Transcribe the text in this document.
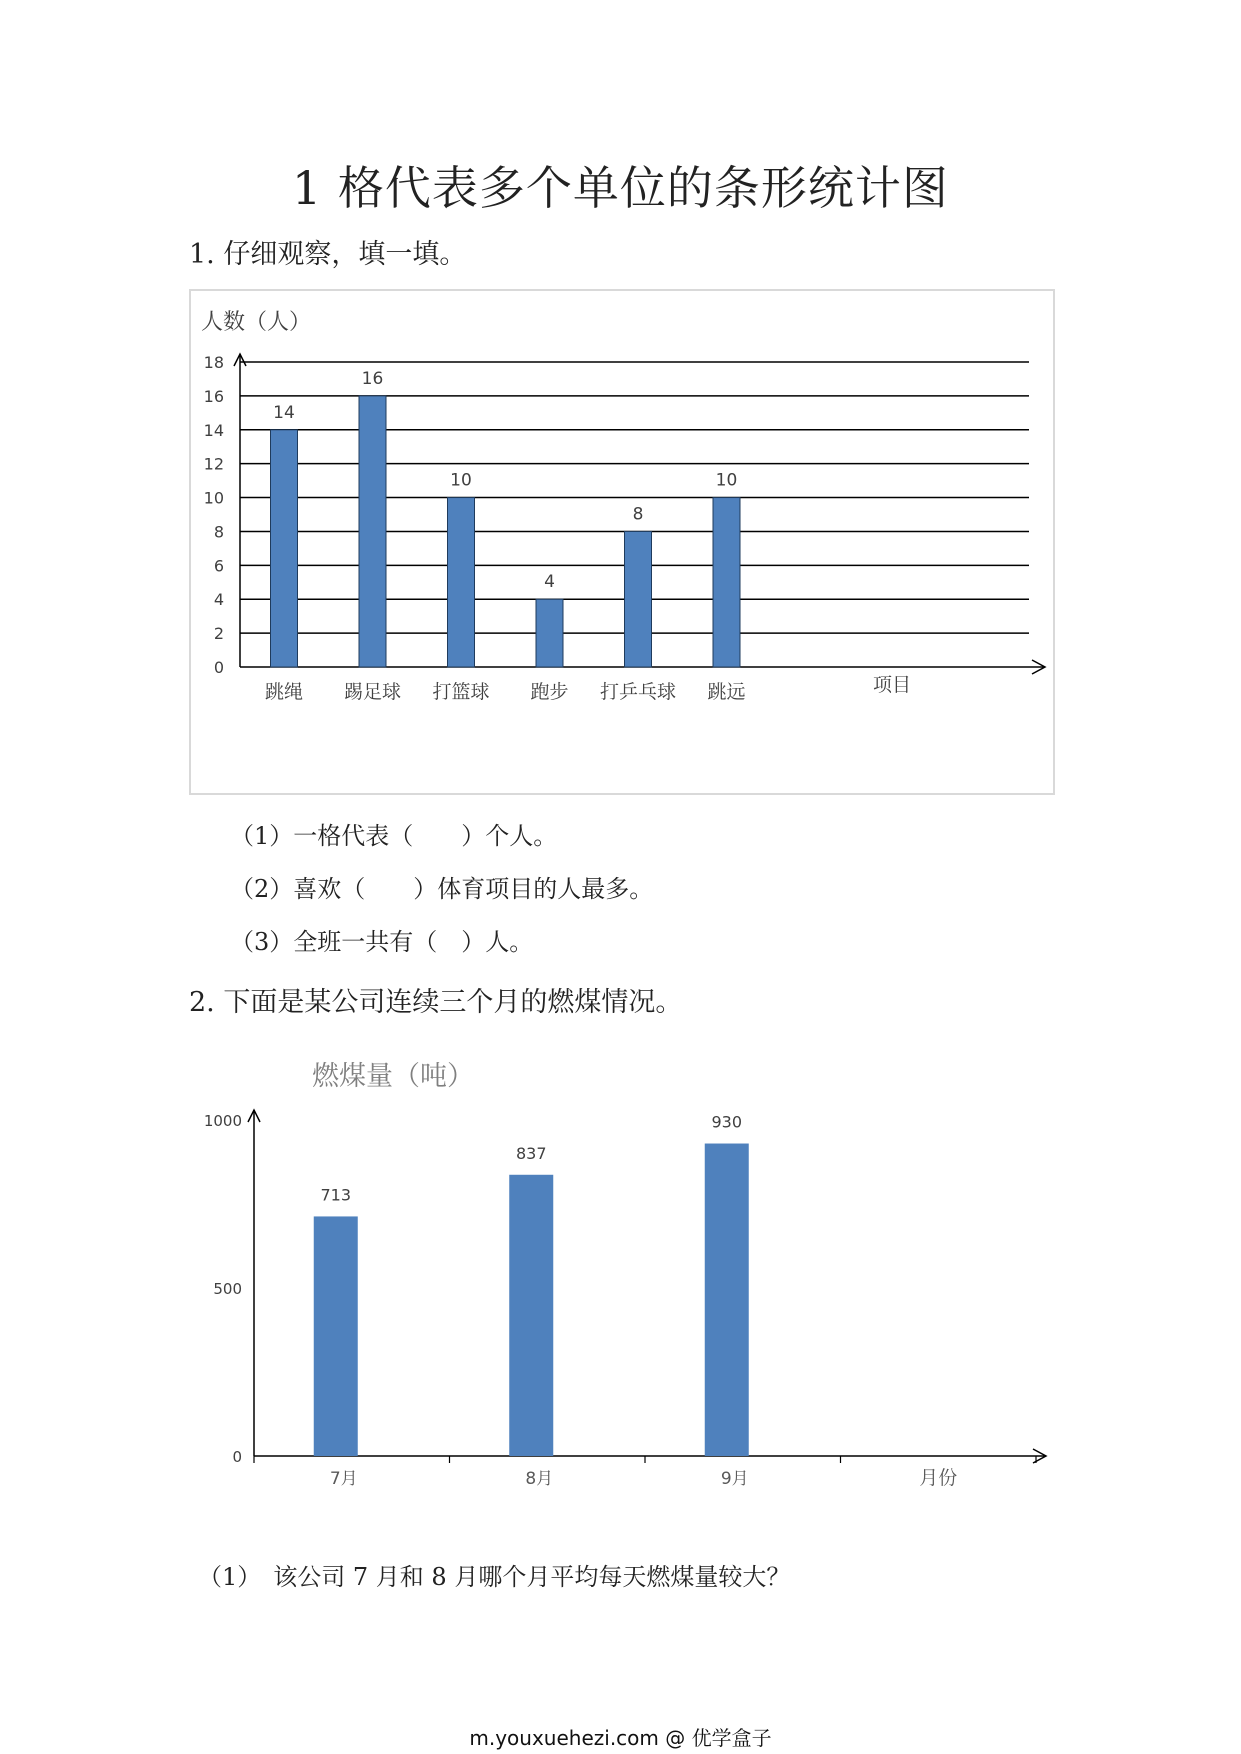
1 格代表多个单位的条形统计图
1. 仔细观察，填一填。
人数（人）
0
2
4
6
8
10
12
14
16
18
14
跳绳
16
踢足球
10
打篮球
4
跑步
8
打乒乓球
10
跳远	项目
（1）一格代表（　　）个人。
（2）喜欢（　　）体育项目的人最多。
（3）全班一共有（　）人。
2. 下面是某公司连续三个月的燃煤情况。
燃煤量（吨）
0
500
1000
713
7月
837
8月
930
9月	月份
（1）　该公司 7 月和 8 月哪个月平均每天燃煤量较大？
m.youxuehezi.com @ 优学盒子
